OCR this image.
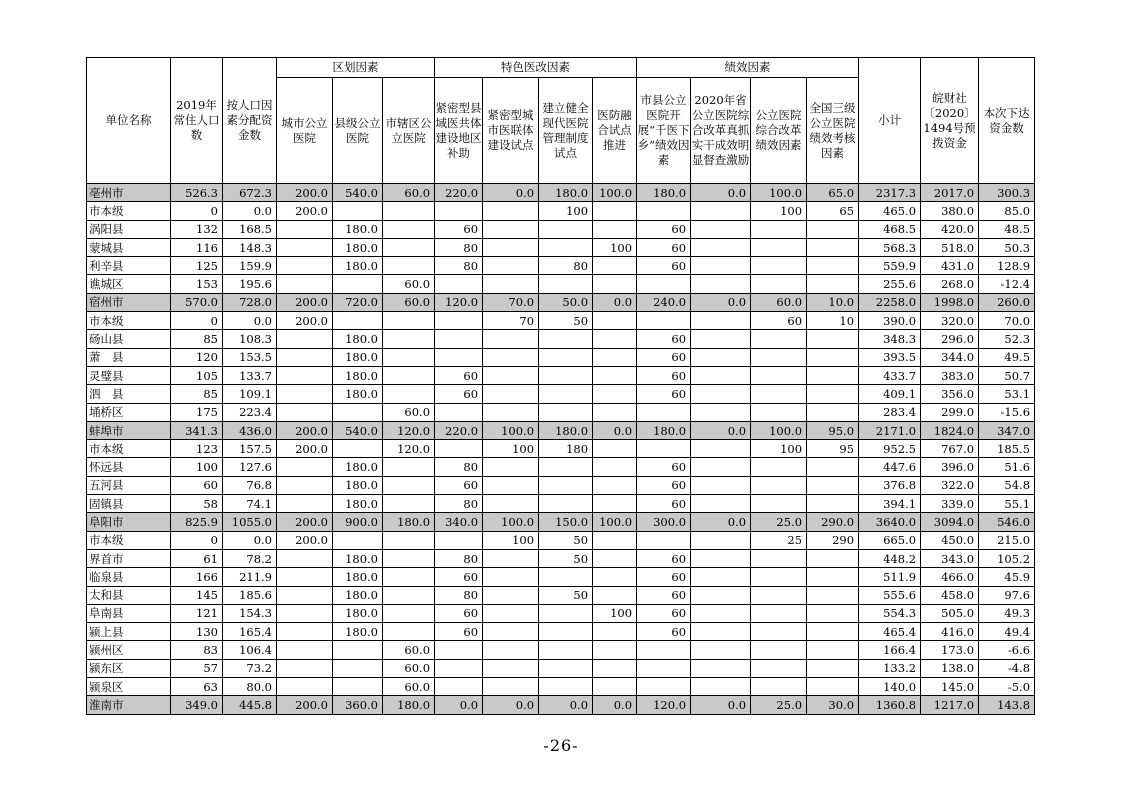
单位名称	2019年常住人口数	按人口因素分配资金数	区划因素			特色医改因素				绩效因素				小计	皖财社〔2020〕1494号预拨资金	本次下达资金数
			城市公立医院	县级公立医院	市辖区公立医院	紧密型县域医共体建设地区补助	紧密型城市医联体建设试点	建立健全现代医院管理制度试点	医防融合试点推进	市县公立医院开展“千医下乡”绩效因素	2020年省公立医院综合改革真抓实干成效明显督查激励	公立医院综合改革绩效因素	全国三级公立医院绩效考核因素			
亳州市	526.3	672.3	200.0	540.0	60.0	220.0	0.0	180.0	100.0	180.0	0.0	100.0	65.0	2317.3	2017.0	300.3
市本级	0	0.0	200.0					100				100	65	465.0	380.0	85.0
涡阳县	132	168.5		180.0		60				60				468.5	420.0	48.5
蒙城县	116	148.3		180.0		80			100	60				568.3	518.0	50.3
利辛县	125	159.9		180.0		80		80		60				559.9	431.0	128.9
谯城区	153	195.6			60.0									255.6	268.0	-12.4
宿州市	570.0	728.0	200.0	720.0	60.0	120.0	70.0	50.0	0.0	240.0	0.0	60.0	10.0	2258.0	1998.0	260.0
市本级	0	0.0	200.0				70	50				60	10	390.0	320.0	70.0
砀山县	85	108.3		180.0						60				348.3	296.0	52.3
萧　县	120	153.5		180.0						60				393.5	344.0	49.5
灵璧县	105	133.7		180.0		60				60				433.7	383.0	50.7
泗　县	85	109.1		180.0		60				60				409.1	356.0	53.1
埇桥区	175	223.4			60.0									283.4	299.0	-15.6
蚌埠市	341.3	436.0	200.0	540.0	120.0	220.0	100.0	180.0	0.0	180.0	0.0	100.0	95.0	2171.0	1824.0	347.0
市本级	123	157.5	200.0		120.0		100	180				100	95	952.5	767.0	185.5
怀远县	100	127.6		180.0		80				60				447.6	396.0	51.6
五河县	60	76.8		180.0		60				60				376.8	322.0	54.8
固镇县	58	74.1		180.0		80				60				394.1	339.0	55.1
阜阳市	825.9	1055.0	200.0	900.0	180.0	340.0	100.0	150.0	100.0	300.0	0.0	25.0	290.0	3640.0	3094.0	546.0
市本级	0	0.0	200.0				100	50				25	290	665.0	450.0	215.0
界首市	61	78.2		180.0		80		50		60				448.2	343.0	105.2
临泉县	166	211.9		180.0		60				60				511.9	466.0	45.9
太和县	145	185.6		180.0		80		50		60				555.6	458.0	97.6
阜南县	121	154.3		180.0		60			100	60				554.3	505.0	49.3
颍上县	130	165.4		180.0		60				60				465.4	416.0	49.4
颍州区	83	106.4			60.0									166.4	173.0	-6.6
颍东区	57	73.2			60.0									133.2	138.0	-4.8
颍泉区	63	80.0			60.0									140.0	145.0	-5.0
淮南市	349.0	445.8	200.0	360.0	180.0	0.0	0.0	0.0	0.0	120.0	0.0	25.0	30.0	1360.8	1217.0	143.8
-26-
